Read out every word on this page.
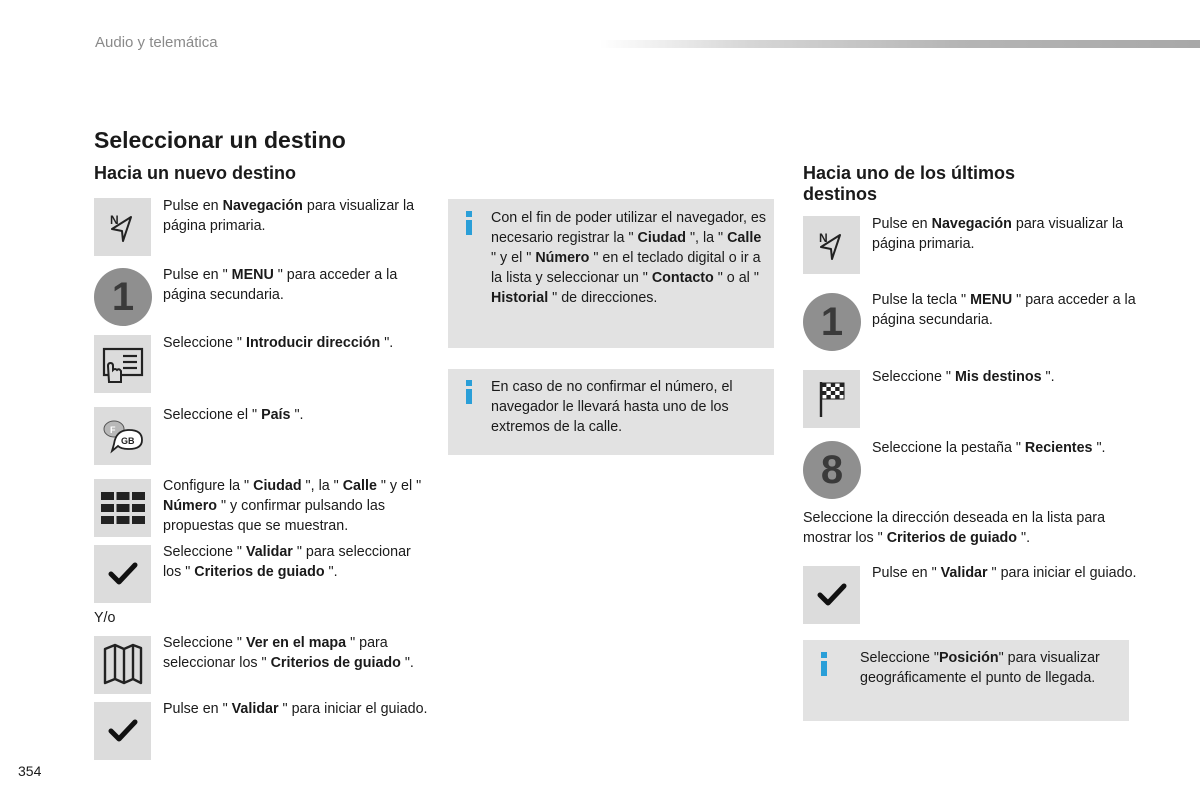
Audio y telemática
Seleccionar un destino
Hacia un nuevo destino
N
Pulse en Navegación para visualizar la página primaria.
1	Pulse en " MENU " para acceder a la página secundaria.
Seleccione " Introducir dirección ".
F
GB
Seleccione el " País ".
Configure la " Ciudad ", la " Calle " y el " Número " y confirmar pulsando las propuestas que se muestran.
Seleccione " Validar " para seleccionar los " Criterios de guiado ".
Y/o
Seleccione " Ver en el mapa " para seleccionar los " Criterios de guiado ".
Pulse en " Validar " para iniciar el guiado.
Con el fin de poder utilizar el navegador, es necesario registrar la " Ciudad ", la " Calle " y el " Número " en el teclado digital o ir a la lista y seleccionar un " Contacto " o al " Historial " de direcciones.
En caso de no confirmar el número, el navegador le llevará hasta uno de los extremos de la calle.
Hacia uno de los últimos destinos
N
Pulse en Navegación para visualizar la página primaria.
1	Pulse la tecla " MENU " para acceder a la página secundaria.
Seleccione " Mis destinos ".
8	Seleccione la pestaña " Recientes ".
Seleccione la dirección deseada en la lista para mostrar los " Criterios de guiado ".
Pulse en " Validar " para iniciar el guiado.
Seleccione "Posición" para visualizar geográficamente el punto de llegada.
354
